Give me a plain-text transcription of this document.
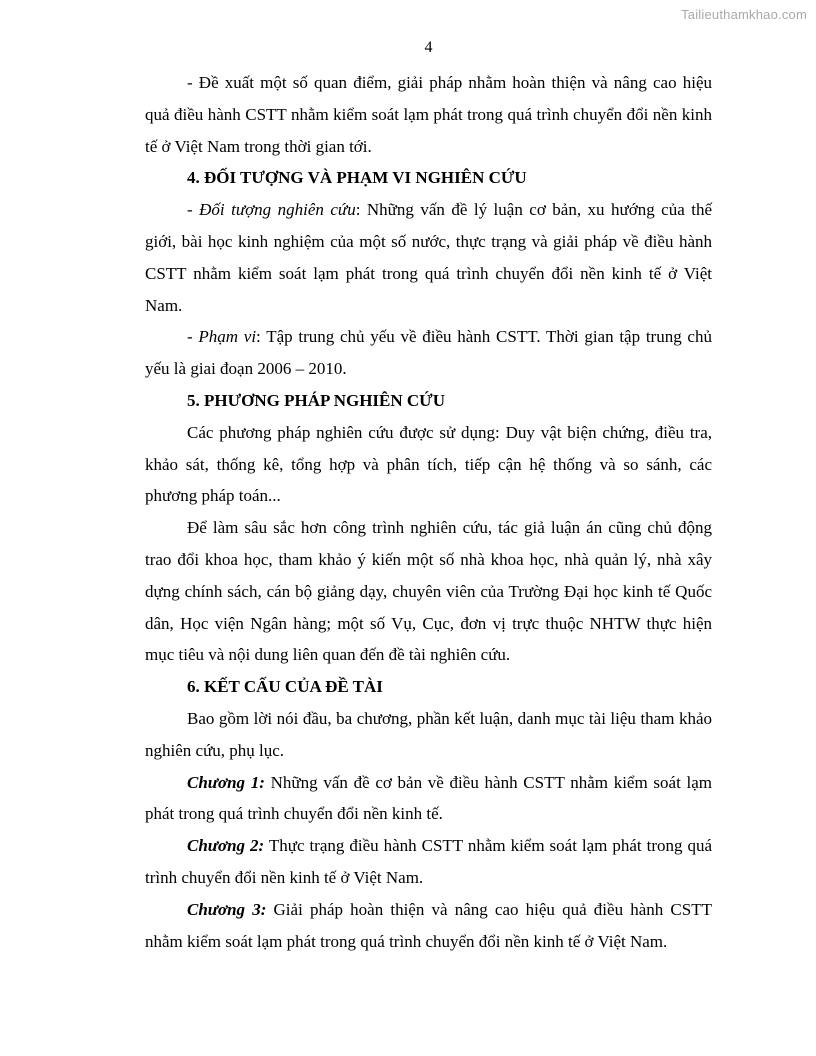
Tailieuthamkhao.com
4

- Đề xuất một số quan điểm, giải pháp nhằm hoàn thiện và nâng cao hiệu quả điều hành CSTT nhằm kiểm soát lạm phát trong quá trình chuyển đổi nền kinh tế ở Việt Nam trong thời gian tới.

4. ĐỐI TƯỢNG VÀ PHẠM VI NGHIÊN CỨU

- Đối tượng nghiên cứu: Những vấn đề lý luận cơ bản, xu hướng của thế giới, bài học kinh nghiệm của một số nước, thực trạng và giải pháp về điều hành CSTT nhằm kiểm soát lạm phát trong quá trình chuyển đổi nền kinh tế ở Việt Nam.

- Phạm vi: Tập trung chủ yếu về điều hành CSTT. Thời gian tập trung chủ yếu là giai đoạn 2006 – 2010.

5. PHƯƠNG PHÁP NGHIÊN CỨU

Các phương pháp nghiên cứu được sử dụng: Duy vật biện chứng, điều tra, khảo sát, thống kê, tổng hợp và phân tích, tiếp cận hệ thống và so sánh, các phương pháp toán...

Để làm sâu sắc hơn công trình nghiên cứu, tác giả luận án cũng chủ động trao đổi khoa học, tham khảo ý kiến một số nhà khoa học, nhà quản lý, nhà xây dựng chính sách, cán bộ giảng dạy, chuyên viên của Trường Đại học kinh tế Quốc dân, Học viện Ngân hàng; một số Vụ, Cục, đơn vị trực thuộc NHTW thực hiện mục tiêu và nội dung liên quan đến đề tài nghiên cứu.

6. KẾT CẤU CỦA ĐỀ TÀI

Bao gồm lời nói đầu, ba chương, phần kết luận, danh mục tài liệu tham khảo nghiên cứu, phụ lục.

Chương 1: Những vấn đề cơ bản về điều hành CSTT nhằm kiểm soát lạm phát trong quá trình chuyển đổi nền kinh tế.

Chương 2: Thực trạng điều hành CSTT nhằm kiểm soát lạm phát trong quá trình chuyển đổi nền kinh tế ở Việt Nam.

Chương 3: Giải pháp hoàn thiện và nâng cao hiệu quả điều hành CSTT nhằm kiểm soát lạm phát trong quá trình chuyển đổi nền kinh tế ở Việt Nam.
